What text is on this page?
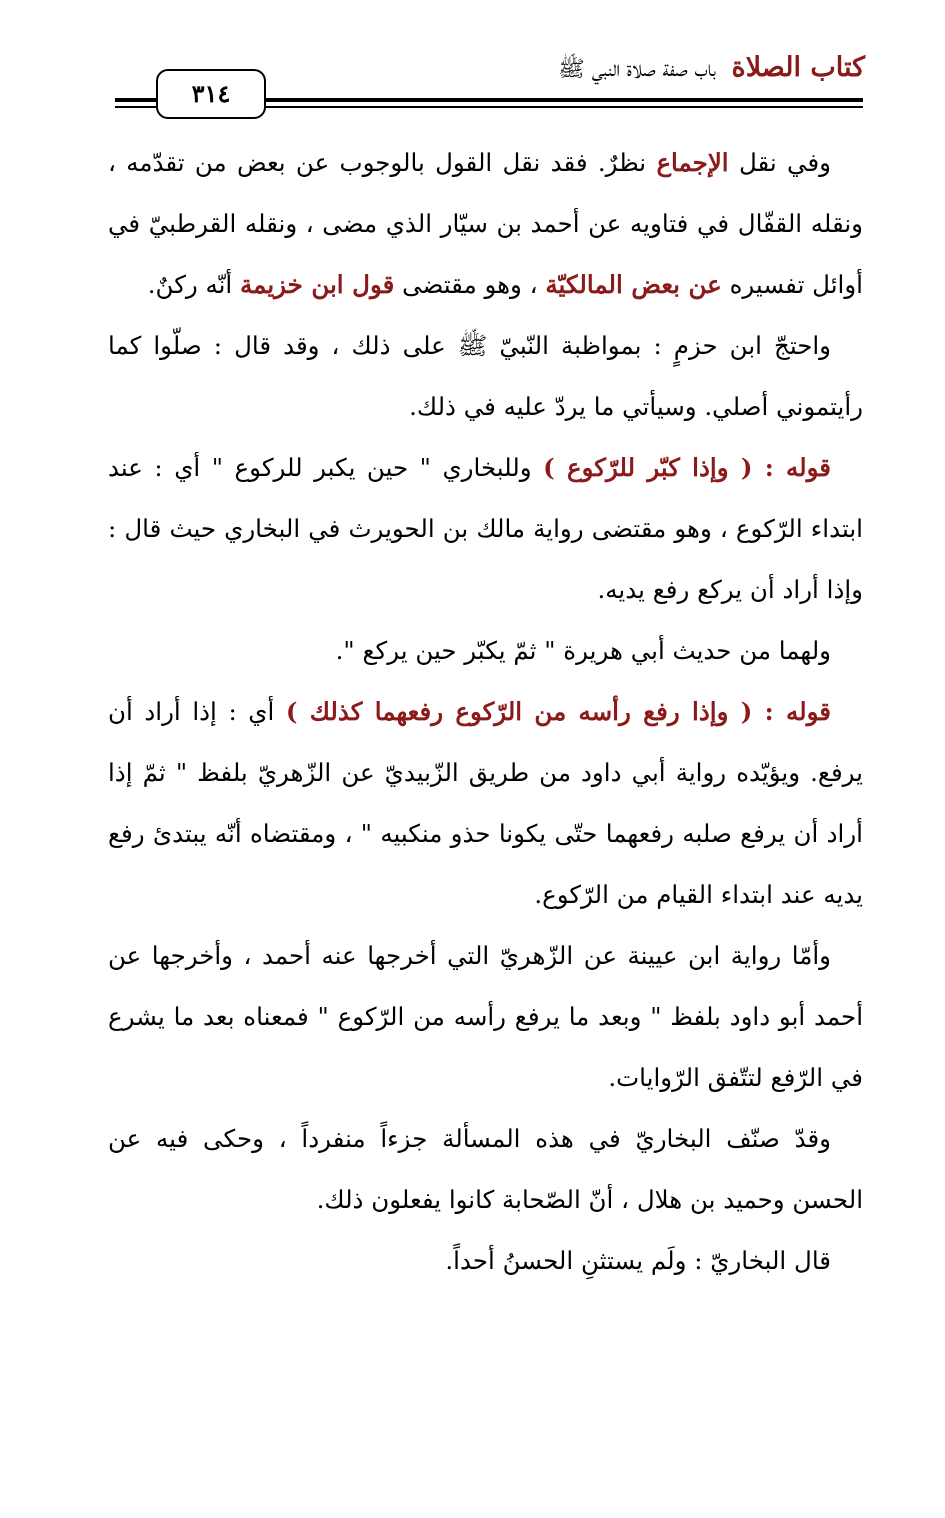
كتاب الصلاة باب صفة صلاة النبي ﷺ
٣١٤

وفي نقل الإجماع نظرٌ. فقد نقل القول بالوجوب عن بعض من تقدّمه ، ونقله القفّال في فتاويه عن أحمد بن سيّار الذي مضى ، ونقله القرطبيّ في أوائل تفسيره عن بعض المالكيّة ، وهو مقتضى قول ابن خزيمة أنّه ركنٌ.

واحتجّ ابن حزمٍ : بمواظبة النّبيّ ﷺ على ذلك ، وقد قال : صلّوا كما رأيتموني أصلي. وسيأتي ما يردّ عليه في ذلك.

قوله : ( وإذا كبّر للرّكوع ) وللبخاري " حين يكبر للركوع " أي : عند ابتداء الرّكوع ، وهو مقتضى رواية مالك بن الحويرث في البخاري حيث قال : وإذا أراد أن يركع رفع يديه.

ولهما من حديث أبي هريرة " ثمّ يكبّر حين يركع ".

قوله : ( وإذا رفع رأسه من الرّكوع رفعهما كذلك ) أي : إذا أراد أن يرفع. ويؤيّده رواية أبي داود من طريق الزّبيديّ عن الزّهريّ بلفظ " ثمّ إذا أراد أن يرفع صلبه رفعهما حتّى يكونا حذو منكبيه " ، ومقتضاه أنّه يبتدئ رفع يديه عند ابتداء القيام من الرّكوع.

وأمّا رواية ابن عيينة عن الزّهريّ التي أخرجها عنه أحمد ، وأخرجها عن أحمد أبو داود بلفظ " وبعد ما يرفع رأسه من الرّكوع " فمعناه بعد ما يشرع في الرّفع لتتّفق الرّوايات.

وقدّ صنّف البخاريّ في هذه المسألة جزءاً منفرداً ، وحكى فيه عن الحسن وحميد بن هلال ، أنّ الصّحابة كانوا يفعلون ذلك.

قال البخاريّ : ولَم يستثنِ الحسنُ أحداً.
